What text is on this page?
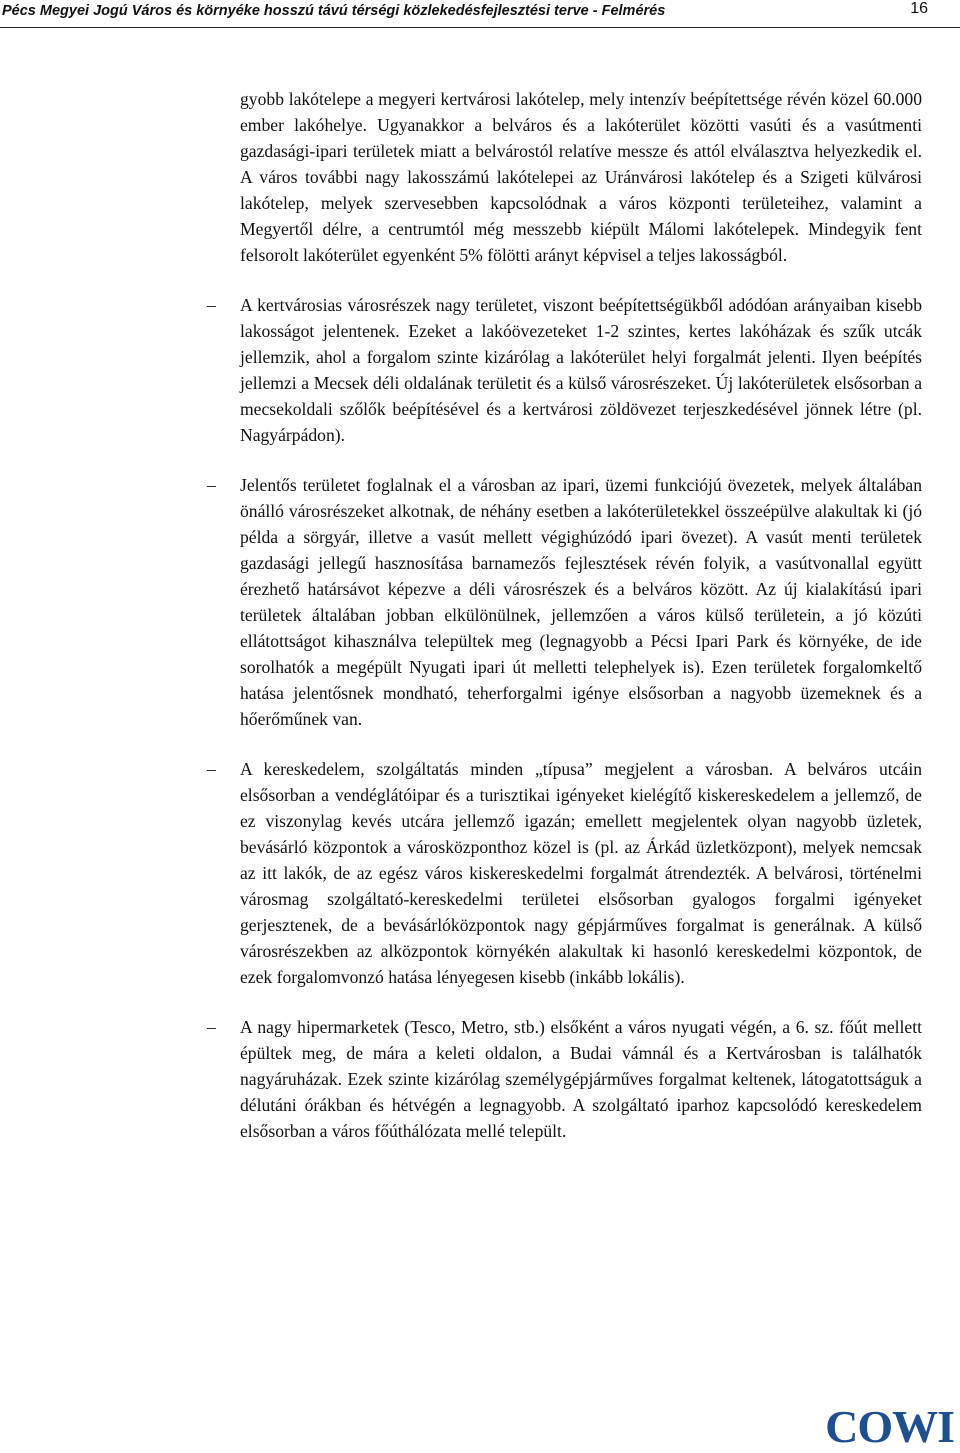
Pécs Megyei Jogú Város és környéke hosszú távú térségi közlekedésfejlesztési terve - Felmérés	16

gyobb lakótelepe a megyeri kertvárosi lakótelep, mely intenzív beépítettsége révén közel 60.000 ember lakóhelye. Ugyanakkor a belváros és a lakóterület közötti vasúti és a vasútmenti gazdasági-ipari területek miatt a belvárostól relatíve messze és attól elválasztva helyezkedik el. A város további nagy lakosszámú lakótelepei az Uránvárosi lakótelep és a Szigeti külvárosi lakótelep, melyek szervesebben kapcsolódnak a város központi területeihez, valamint a Megyertől délre, a centrumtól még messzebb kiépült Málomi lakótelepek. Mindegyik fent felsorolt lakóterület egyenként 5% fölötti arányt képvisel a teljes lakosságból.

– A kertvárosias városrészek nagy területet, viszont beépítettségükből adódóan arányaiban kisebb lakosságot jelentenek. Ezeket a lakóövezeteket 1-2 szintes, kertes lakóházak és szűk utcák jellemzik, ahol a forgalom szinte kizárólag a lakóterület helyi forgalmát jelenti. Ilyen beépítés jellemzi a Mecsek déli oldalának területit és a külső városrészeket. Új lakóterületek elsősorban a mecsekoldali szőlők beépítésével és a kertvárosi zöldövezet terjeszkedésével jönnek létre (pl. Nagyárpádon).
– Jelentős területet foglalnak el a városban az ipari, üzemi funkciójú övezetek, melyek általában önálló városrészeket alkotnak, de néhány esetben a lakóterületekkel összeépülve alakultak ki (jó példa a sörgyár, illetve a vasút mellett végighúzódó ipari övezet). A vasút menti területek gazdasági jellegű hasznosítása barnamezős fejlesztések révén folyik, a vasútvonallal együtt érezhető határsávot képezve a déli városrészek és a belváros között. Az új kialakítású ipari területek általában jobban elkülönülnek, jellemzően a város külső területein, a jó közúti ellátottságot kihasználva települtek meg (legnagyobb a Pécsi Ipari Park és környéke, de ide sorolhatók a megépült Nyugati ipari út melletti telephelyek is). Ezen területek forgalomkeltő hatása jelentősnek mondható, teherforgalmi igénye elsősorban a nagyobb üzemeknek és a hőerőműnek van.
– A kereskedelem, szolgáltatás minden „típusa” megjelent a városban. A belváros utcáin elsősorban a vendéglátóipar és a turisztikai igényeket kielégítő kiskereskedelem a jellemző, de ez viszonylag kevés utcára jellemző igazán; emellett megjelentek olyan nagyobb üzletek, bevásárló központok a városközponthoz közel is (pl. az Árkád üzletközpont), melyek nemcsak az itt lakók, de az egész város kiskereskedelmi forgalmát átrendezték. A belvárosi, történelmi városmag szolgáltató-kereskedelmi területei elsősorban gyalogos forgalmi igényeket gerjesztenek, de a bevásárlóközpontok nagy gépjárműves forgalmat is generálnak. A külső városrészekben az alközpontok környékén alakultak ki hasonló kereskedelmi központok, de ezek forgalomvonzó hatása lényegesen kisebb (inkább lokális).
– A nagy hipermarketek (Tesco, Metro, stb.) elsőként a város nyugati végén, a 6. sz. főút mellett épültek meg, de mára a keleti oldalon, a Budai vámnál és a Kertvárosban is találhatók nagyáruházak. Ezek szinte kizárólag személygépjárműves forgalmat keltenek, látogatottságuk a délutáni órákban és hétvégén a legnagyobb. A szolgáltató iparhoz kapcsolódó kereskedelem elsősorban a város főúthálózata mellé települt.
COWI
